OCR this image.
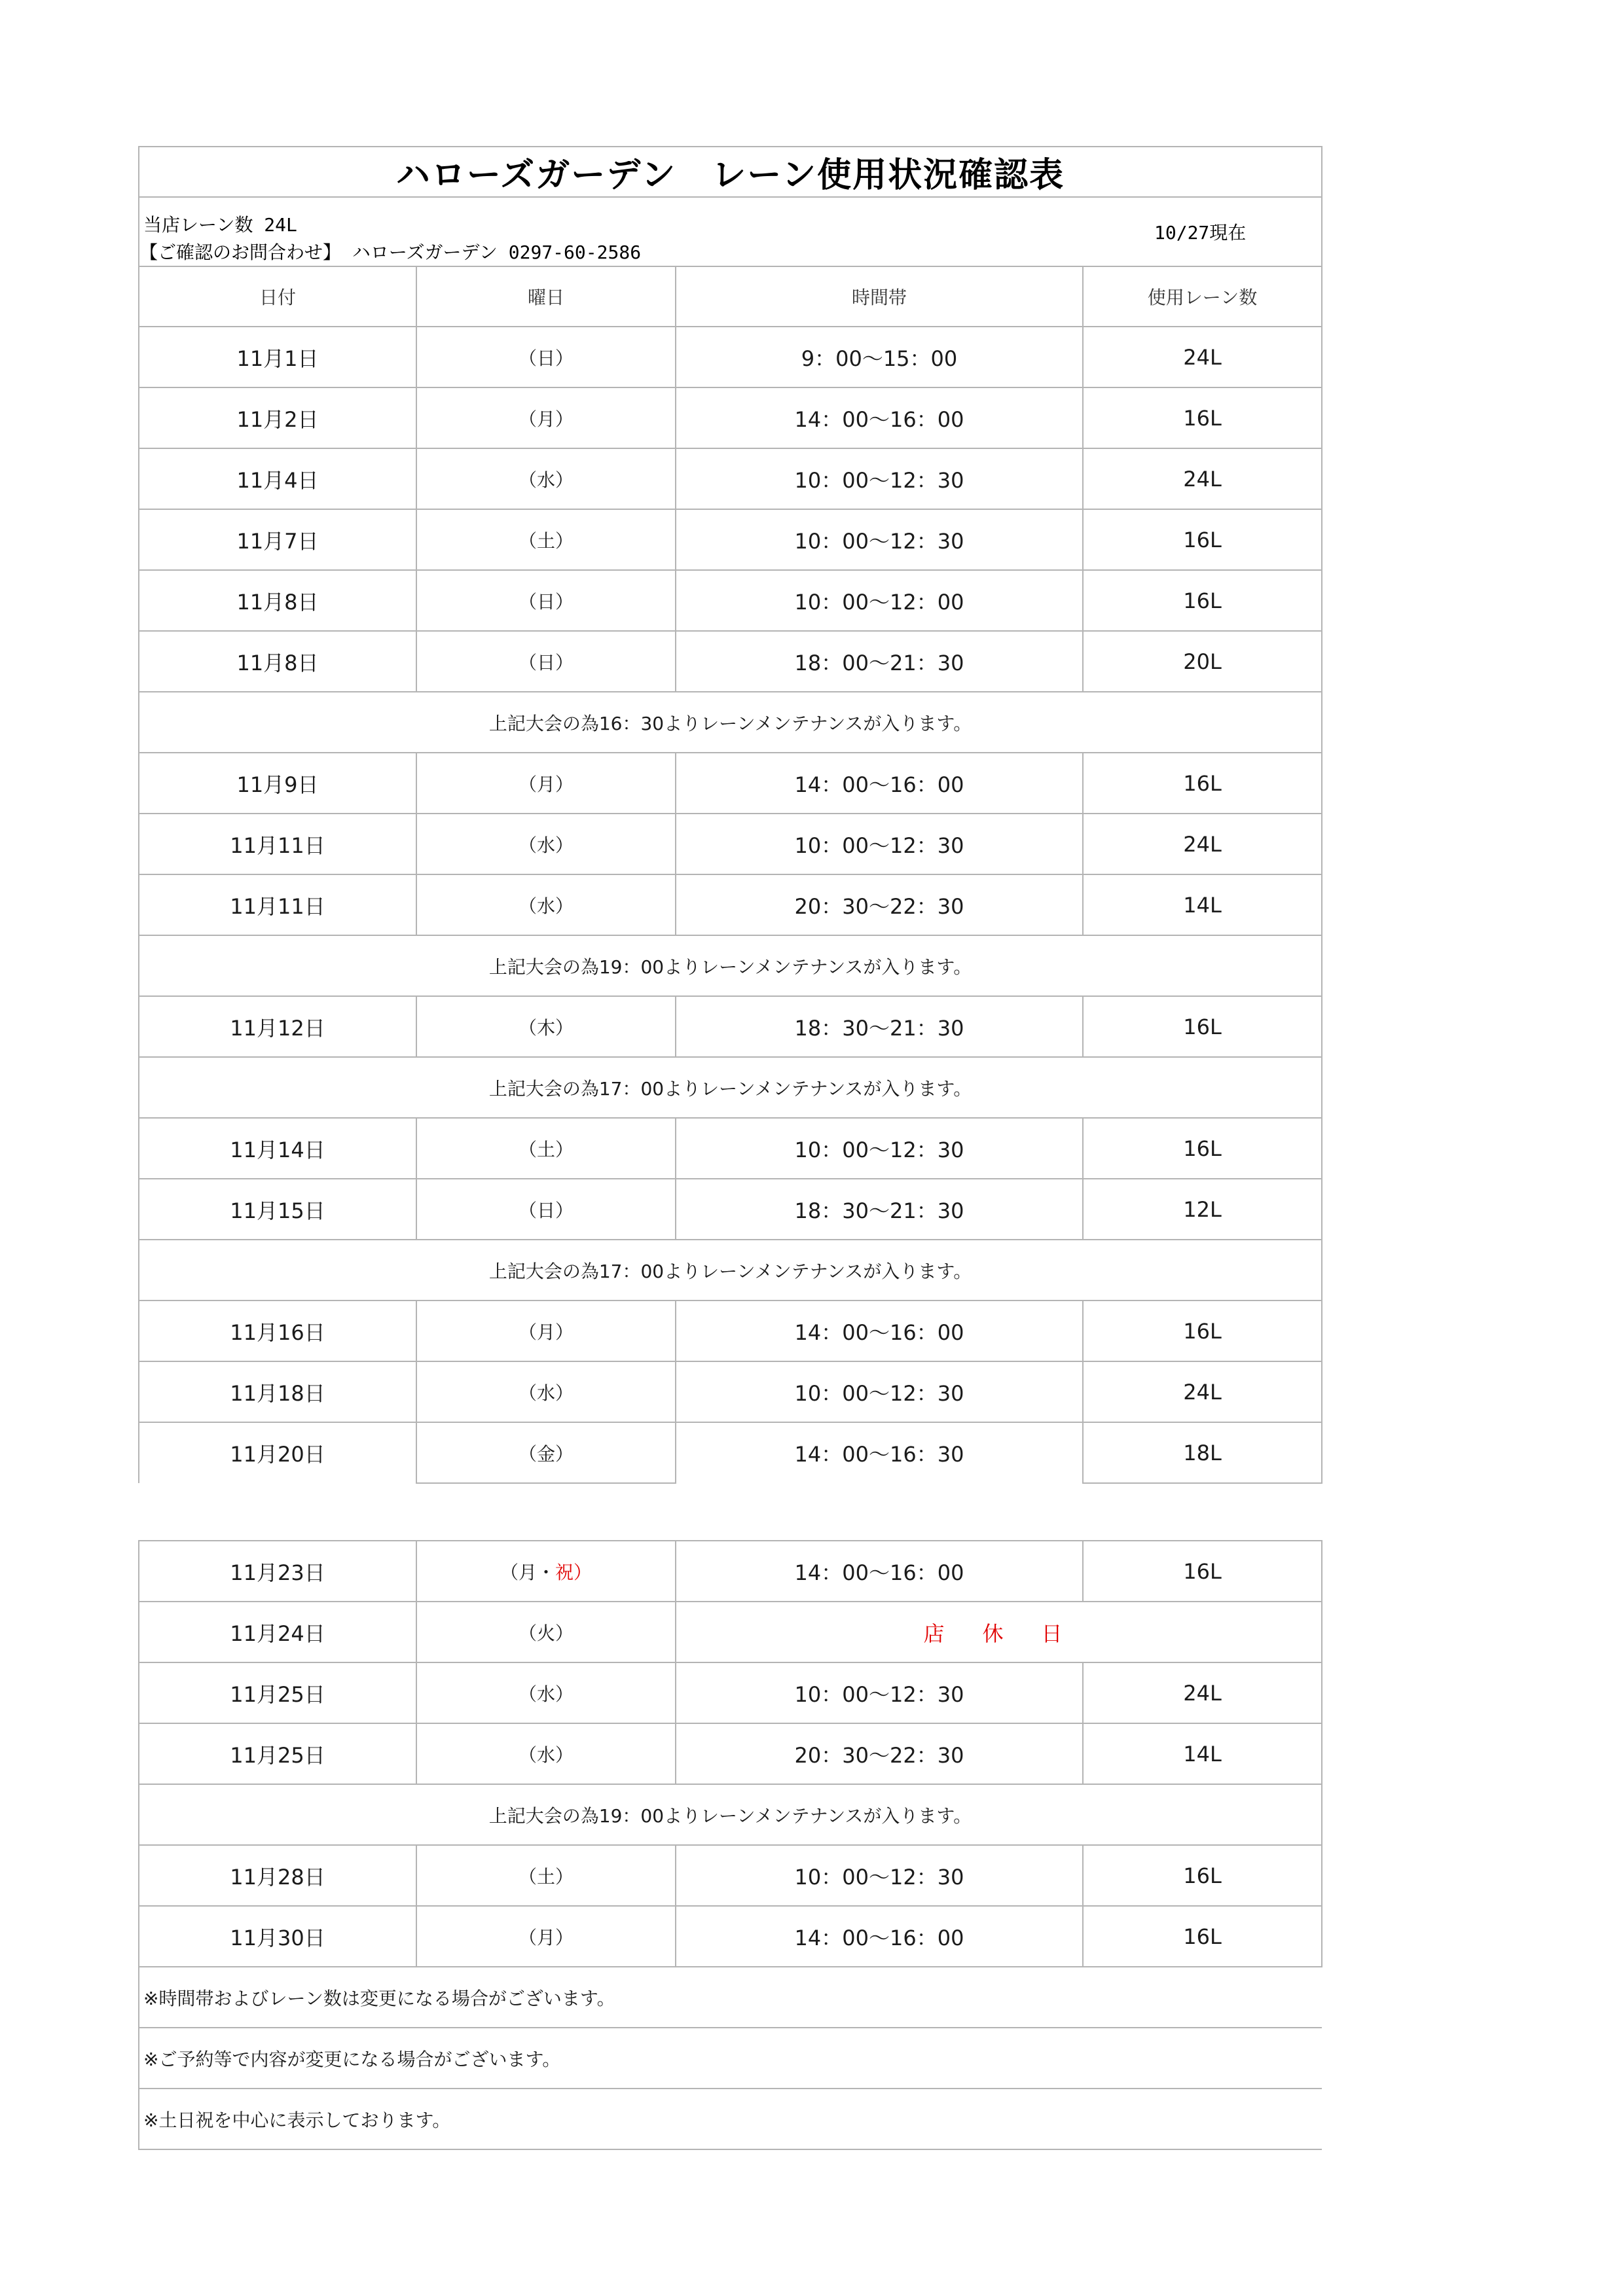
ハローズガーデン　レーン使用状況確認表			

当店レーン数 24L
【ご確認のお問合わせ】 ハローズガーデン 0297-60-2586
10/27現在			

日付	曜日	時間帯	使用レーン数
11月1日	（日）	9：00～15：00	24L
11月2日	（月）	14：00～16：00	16L
11月4日	（水）	10：00～12：30	24L
11月7日	（土）	10：00～12：30	16L
11月8日	（日）	10：00～12：00	16L
11月8日	（日）	18：00～21：30	20L
上記大会の為16：30よりレーンメンテナンスが入ります。			
11月9日	（月）	14：00～16：00	16L
11月11日	（水）	10：00～12：30	24L
11月11日	（水）	20：30～22：30	14L
上記大会の為19：00よりレーンメンテナンスが入ります。			
11月12日	（木）	18：30～21：30	16L
上記大会の為17：00よりレーンメンテナンスが入ります。			
11月14日	（土）	10：00～12：30	16L
11月15日	（日）	18：30～21：30	12L
上記大会の為17：00よりレーンメンテナンスが入ります。			
11月16日	（月）	14：00～16：00	16L
11月18日	（水）	10：00～12：30	24L
11月20日	（金）	14：00～16：30	18L
11月23日	（月・祝）	14：00～16：00	16L
11月24日	（火）	店休日	
11月25日	（水）	10：00～12：30	24L
11月25日	（水）	20：30～22：30	14L
上記大会の為19：00よりレーンメンテナンスが入ります。			
11月28日	（土）	10：00～12：30	16L
11月30日	（月）	14：00～16：00	16L
※時間帯およびレーン数は変更になる場合がございます。			
※ご予約等で内容が変更になる場合がございます。			
※土日祝を中心に表示しております。			
